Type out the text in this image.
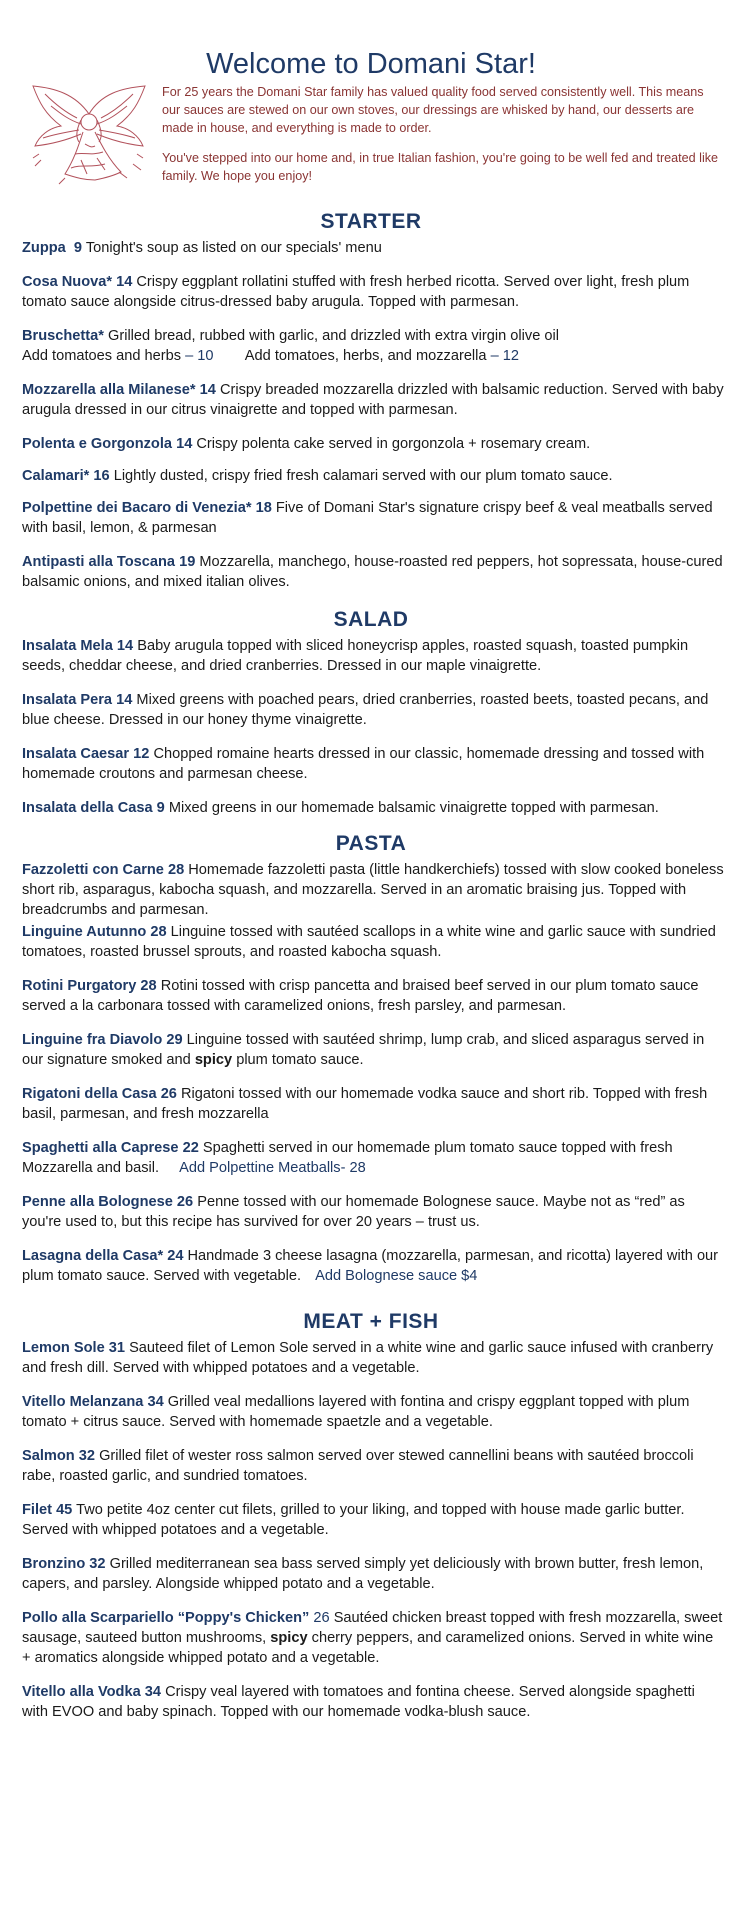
Welcome to Domani Star!

For 25 years the Domani Star family has valued quality food served consistently well. This means our sauces are stewed on our own stoves, our dressings are whisked by hand, our desserts are made in house, and everything is made to order.

You've stepped into our home and, in true Italian fashion, you're going to be well fed and treated like family. We hope you enjoy!

STARTER
Zuppa 9 Tonight's soup as listed on our specials' menu
Cosa Nuova* 14 Crispy eggplant rollatini stuffed with fresh herbed ricotta. Served over light, fresh plum tomato sauce alongside citrus-dressed baby arugula. Topped with parmesan.
Bruschetta* Grilled bread, rubbed with garlic, and drizzled with extra virgin olive oil
Add tomatoes and herbs – 10 Add tomatoes, herbs, and mozzarella – 12
Mozzarella alla Milanese* 14 Crispy breaded mozzarella drizzled with balsamic reduction. Served with baby arugula dressed in our citrus vinaigrette and topped with parmesan.
Polenta e Gorgonzola 14 Crispy polenta cake served in gorgonzola + rosemary cream.
Calamari* 16 Lightly dusted, crispy fried fresh calamari served with our plum tomato sauce.
Polpettine dei Bacaro di Venezia* 18 Five of Domani Star's signature crispy beef & veal meatballs served with basil, lemon, & parmesan
Antipasti alla Toscana 19 Mozzarella, manchego, house-roasted red peppers, hot sopressata, house-cured balsamic onions, and mixed italian olives.
SALAD
Insalata Mela 14 Baby arugula topped with sliced honeycrisp apples, roasted squash, toasted pumpkin seeds, cheddar cheese, and dried cranberries. Dressed in our maple vinaigrette.
Insalata Pera 14 Mixed greens with poached pears, dried cranberries, roasted beets, toasted pecans, and blue cheese. Dressed in our honey thyme vinaigrette.
Insalata Caesar 12 Chopped romaine hearts dressed in our classic, homemade dressing and tossed with homemade croutons and parmesan cheese.
Insalata della Casa 9 Mixed greens in our homemade balsamic vinaigrette topped with parmesan.
PASTA
Fazzoletti con Carne 28 Homemade fazzoletti pasta (little handkerchiefs) tossed with slow cooked boneless short rib, asparagus, kabocha squash, and mozzarella. Served in an aromatic braising jus. Topped with breadcrumbs and parmesan.
Linguine Autunno 28 Linguine tossed with sautéed scallops in a white wine and garlic sauce with sundried tomatoes, roasted brussel sprouts, and roasted kabocha squash.
Rotini Purgatory 28 Rotini tossed with crisp pancetta and braised beef served in our plum tomato sauce served a la carbonara tossed with caramelized onions, fresh parsley, and parmesan.
Linguine fra Diavolo 29 Linguine tossed with sautéed shrimp, lump crab, and sliced asparagus served in our signature smoked and spicy plum tomato sauce.
Rigatoni della Casa 26 Rigatoni tossed with our homemade vodka sauce and short rib. Topped with fresh basil, parmesan, and fresh mozzarella
Spaghetti alla Caprese 22 Spaghetti served in our homemade plum tomato sauce topped with fresh Mozzarella and basil. Add Polpettine Meatballs- 28
Penne alla Bolognese 26 Penne tossed with our homemade Bolognese sauce. Maybe not as “red” as you're used to, but this recipe has survived for over 20 years – trust us.
Lasagna della Casa* 24 Handmade 3 cheese lasagna (mozzarella, parmesan, and ricotta) layered with our plum tomato sauce. Served with vegetable. Add Bolognese sauce $4
MEAT + FISH
Lemon Sole 31 Sauteed filet of Lemon Sole served in a white wine and garlic sauce infused with cranberry and fresh dill. Served with whipped potatoes and a vegetable.
Vitello Melanzana 34 Grilled veal medallions layered with fontina and crispy eggplant topped with plum tomato + citrus sauce. Served with homemade spaetzle and a vegetable.
Salmon 32 Grilled filet of wester ross salmon served over stewed cannellini beans with sautéed broccoli rabe, roasted garlic, and sundried tomatoes.
Filet 45 Two petite 4oz center cut filets, grilled to your liking, and topped with house made garlic butter. Served with whipped potatoes and a vegetable.
Bronzino 32 Grilled mediterranean sea bass served simply yet deliciously with brown butter, fresh lemon, capers, and parsley. Alongside whipped potato and a vegetable.
Pollo alla Scarpariello “Poppy's Chicken” 26 Sautéed chicken breast topped with fresh mozzarella, sweet sausage, sauteed button mushrooms, spicy cherry peppers, and caramelized onions. Served in white wine + aromatics alongside whipped potato and a vegetable.
Vitello alla Vodka 34 Crispy veal layered with tomatoes and fontina cheese. Served alongside spaghetti with EVOO and baby spinach. Topped with our homemade vodka-blush sauce.
